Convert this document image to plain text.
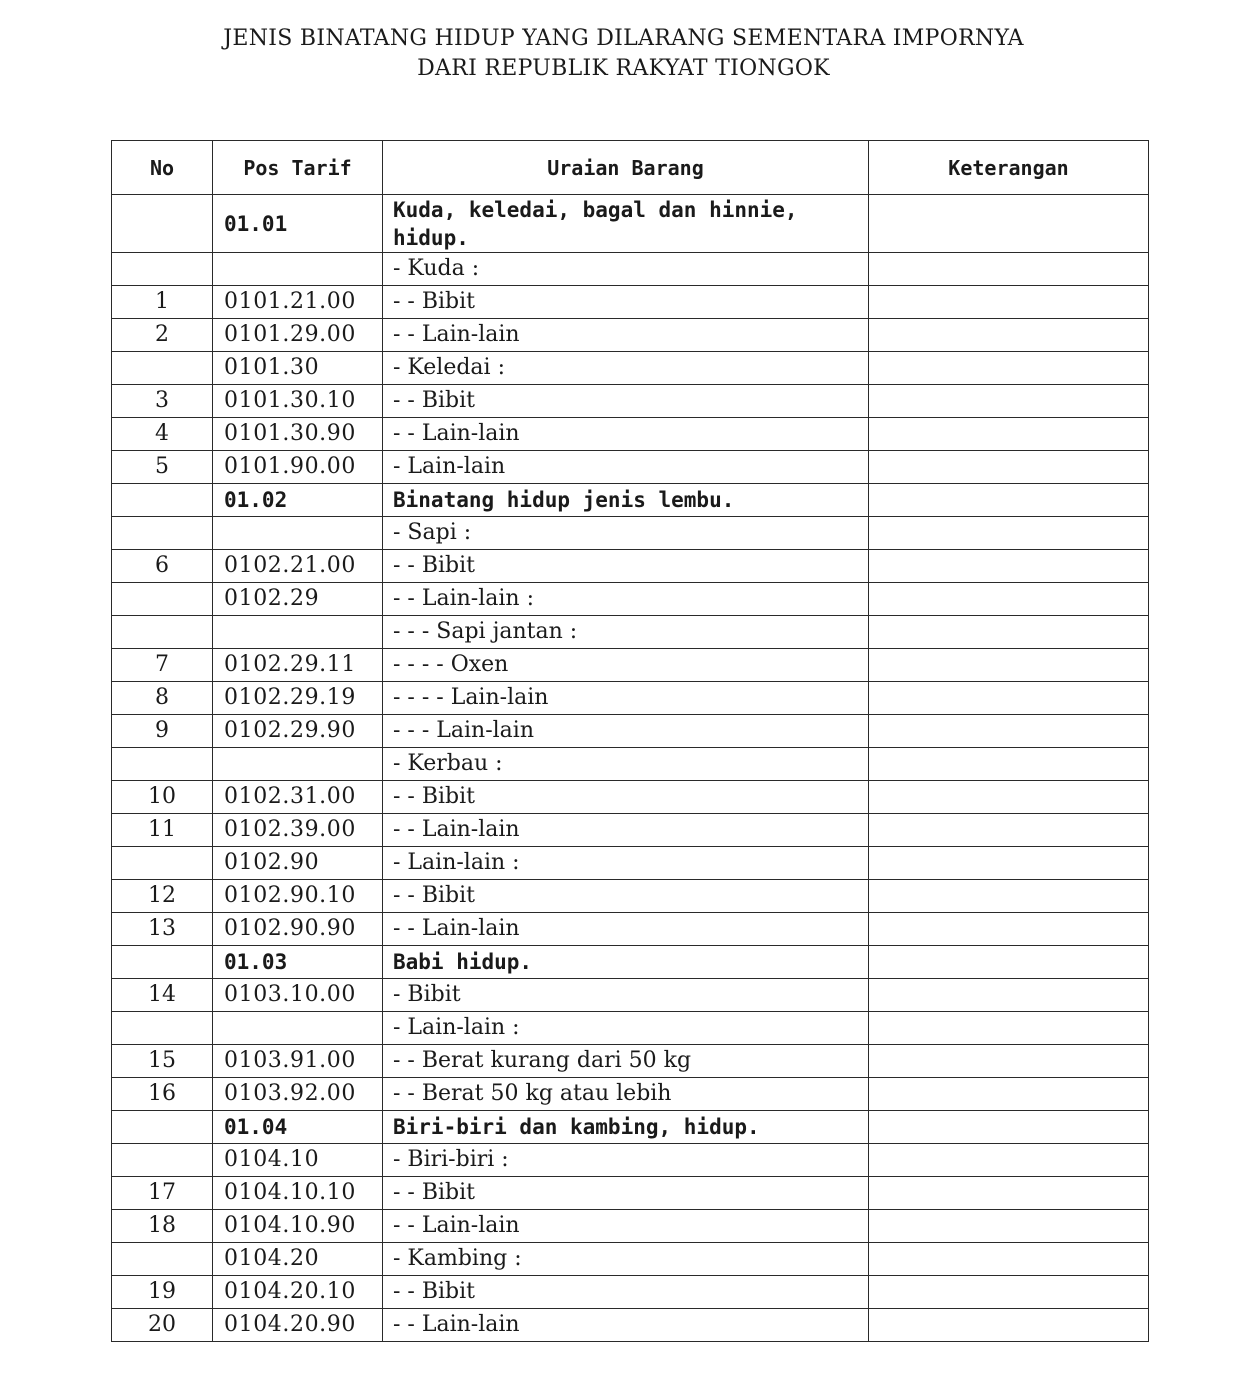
JENIS BINATANG HIDUP YANG DILARANG SEMENTARA IMPORNYA
DARI REPUBLIK RAKYAT TIONGOK
No	Pos Tarif	Uraian Barang	Keterangan
	01.01	Kuda, keledai, bagal dan hinnie, hidup.	
		- Kuda :	
1	0101.21.00	- - Bibit	
2	0101.29.00	- - Lain-lain	
	0101.30	- Keledai :	
3	0101.30.10	- - Bibit	
4	0101.30.90	- - Lain-lain	
5	0101.90.00	- Lain-lain	
	01.02	Binatang hidup jenis lembu.	
		- Sapi :	
6	0102.21.00	- - Bibit	
	0102.29	- - Lain-lain :	
		- - - Sapi jantan :	
7	0102.29.11	- - - - Oxen	
8	0102.29.19	- - - - Lain-lain	
9	0102.29.90	- - - Lain-lain	
		- Kerbau :	
10	0102.31.00	- - Bibit	
11	0102.39.00	- - Lain-lain	
	0102.90	- Lain-lain :	
12	0102.90.10	- - Bibit	
13	0102.90.90	- - Lain-lain	
	01.03	Babi hidup.	
14	0103.10.00	- Bibit	
		- Lain-lain :	
15	0103.91.00	- - Berat kurang dari 50 kg	
16	0103.92.00	- - Berat 50 kg atau lebih	
	01.04	Biri-biri dan kambing, hidup.	
	0104.10	- Biri-biri :	
17	0104.10.10	- - Bibit	
18	0104.10.90	- - Lain-lain	
	0104.20	- Kambing :	
19	0104.20.10	- - Bibit	
20	0104.20.90	- - Lain-lain	
